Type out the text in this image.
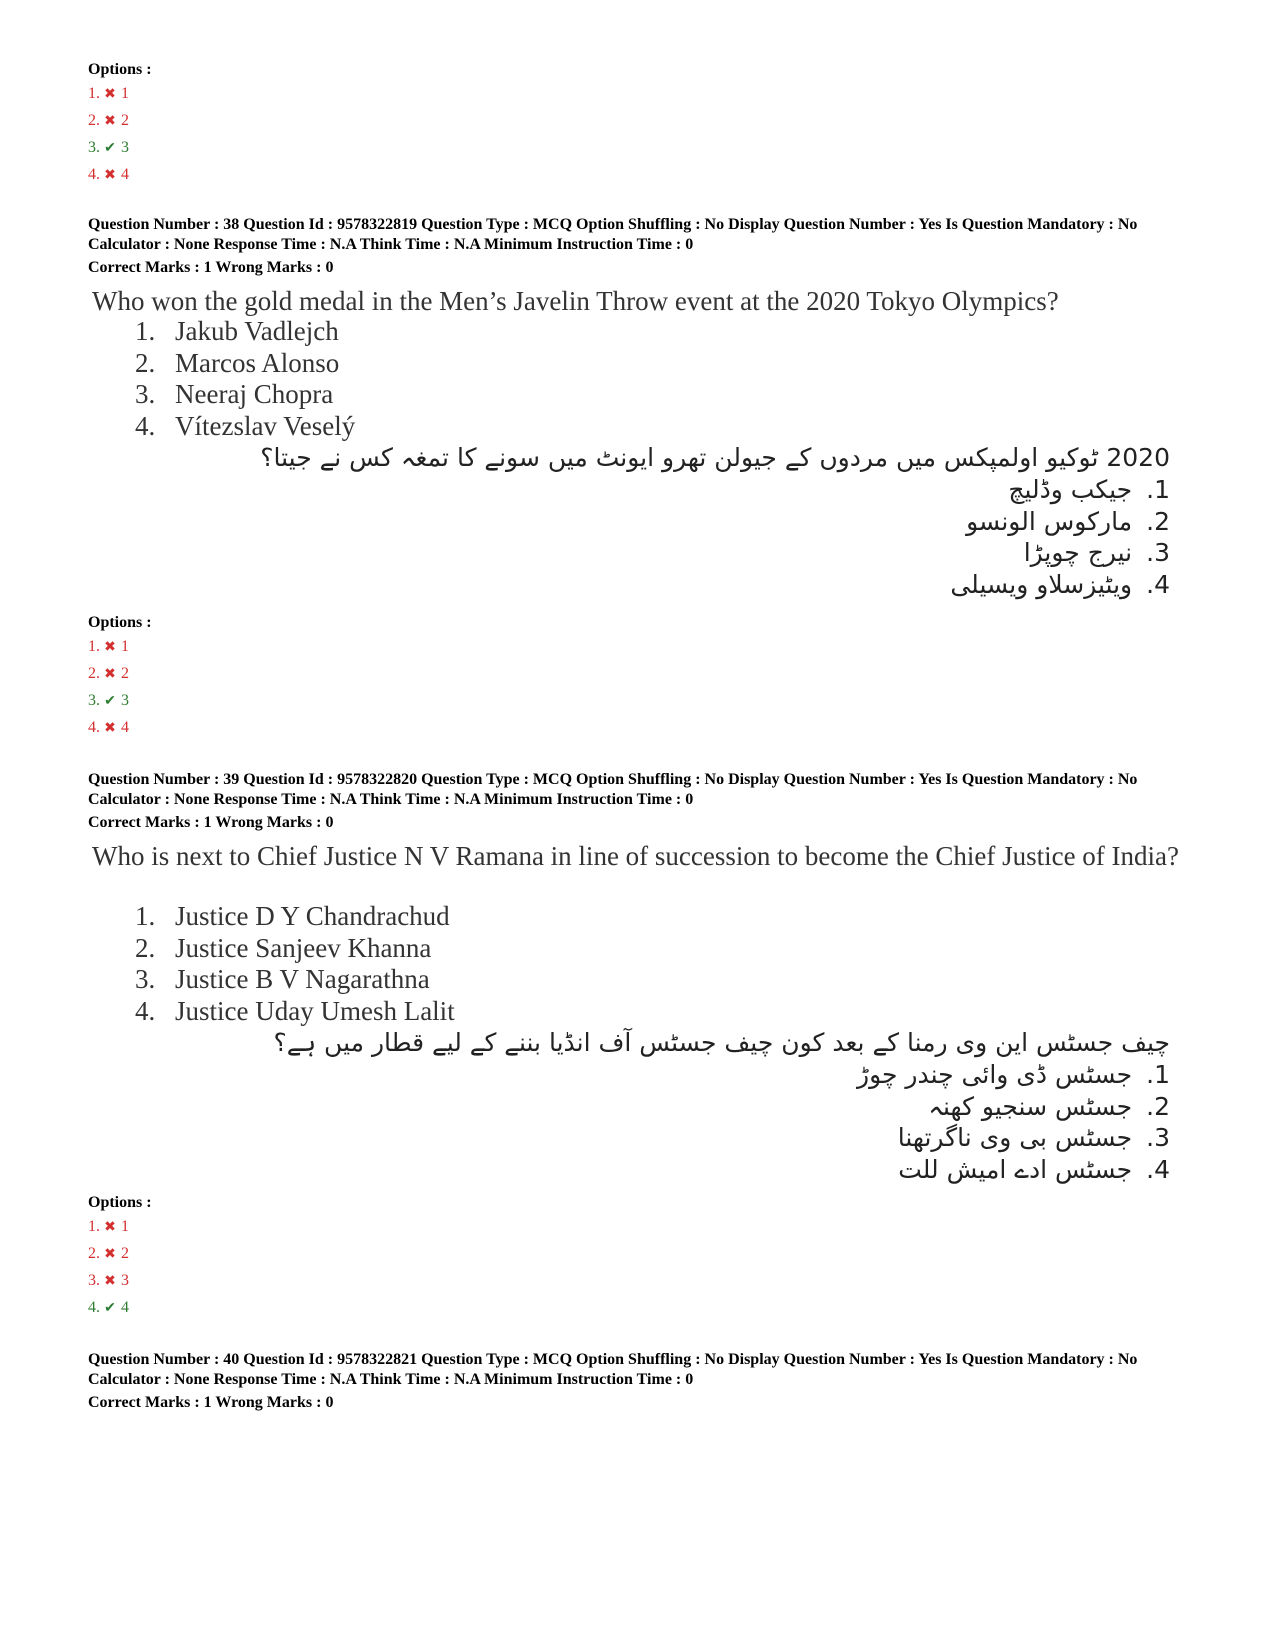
Options :
1. ✖ 1
2. ✖ 2
3. ✔ 3
4. ✖ 4
Question Number : 38 Question Id : 9578322819 Question Type : MCQ Option Shuffling : No Display Question Number : Yes Is Question Mandatory : No Calculator : None Response Time : N.A Think Time : N.A Minimum Instruction Time : 0
Correct Marks : 1 Wrong Marks : 0
Who won the gold medal in the Men’s Javelin Throw event at the 2020 Tokyo Olympics?
1. Jakub Vadlejch
2. Marcos Alonso
3. Neeraj Chopra
4. Vítezslav Veselý
2020 ٹوکیو اولمپکس میں مردوں کے جیولن تھرو ایونٹ میں سونے کا تمغہ کس نے جیتا؟
1.جیکب وڈلیچ
2.مارکوس الونسو
3.نیرج چوپڑا
4.ویٹیزسلاو ویسیلی
Options :
1. ✖ 1
2. ✖ 2
3. ✔ 3
4. ✖ 4
Question Number : 39 Question Id : 9578322820 Question Type : MCQ Option Shuffling : No Display Question Number : Yes Is Question Mandatory : No Calculator : None Response Time : N.A Think Time : N.A Minimum Instruction Time : 0
Correct Marks : 1 Wrong Marks : 0
Who is next to Chief Justice N V Ramana in line of succession to become the Chief Justice of India?
1. Justice D Y Chandrachud
2. Justice Sanjeev Khanna
3. Justice B V Nagarathna
4. Justice Uday Umesh Lalit
چیف جسٹس این وی رمنا کے بعد کون چیف جسٹس آف انڈیا بننے کے لیے قطار میں ہے؟
1.جسٹس ڈی وائی چندر چوڑ
2.جسٹس سنجیو کھنہ
3.جسٹس بی وی ناگرتھنا
4.جسٹس ادے امیش للت
Options :
1. ✖ 1
2. ✖ 2
3. ✖ 3
4. ✔ 4
Question Number : 40 Question Id : 9578322821 Question Type : MCQ Option Shuffling : No Display Question Number : Yes Is Question Mandatory : No Calculator : None Response Time : N.A Think Time : N.A Minimum Instruction Time : 0
Correct Marks : 1 Wrong Marks : 0
